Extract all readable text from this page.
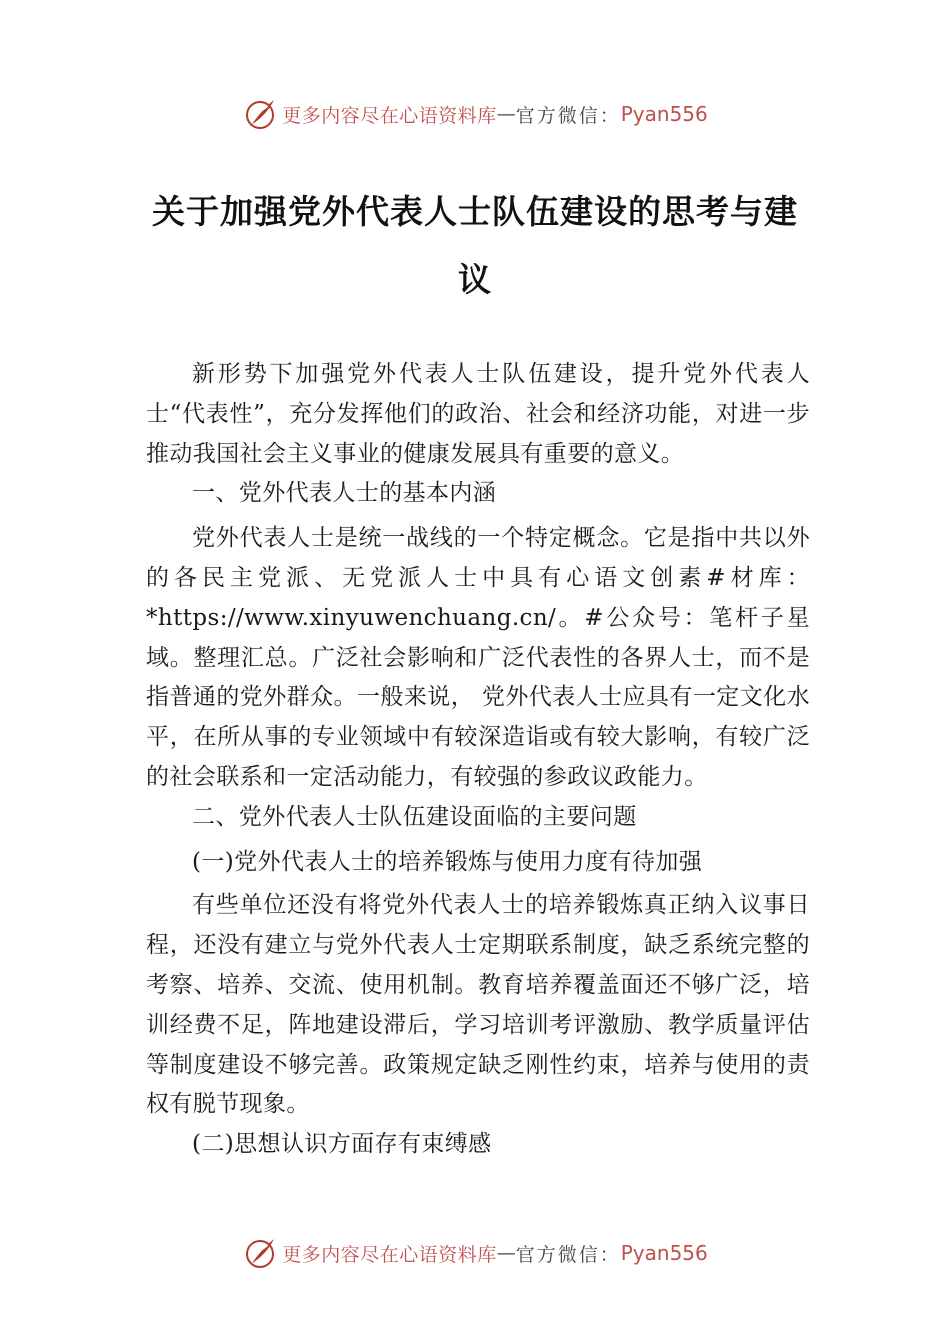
更多内容尽在心语资料库 — 官方微信： Pyan556
关于加强党外代表人士队伍建设的思考与建议

新形势下加强党外代表人士队伍建设，提升党外代表人士“代表性”，充分发挥他们的政治、社会和经济功能，对进一步推动我国社会主义事业的健康发展具有重要的意义。

一、党外代表人士的基本内涵

党外代表人士是统一战线的一个特定概念。它是指中共以外的各民主党派、无党派人士中具有心语文创素#材库：*https://www.xinyuwenchuang.cn/。#公众号：笔杆子星域。整理汇总。广泛社会影响和广泛代表性的各界人士，而不是指普通的党外群众。一般来说， 党外代表人士应具有一定文化水平，在所从事的专业领域中有较深造诣或有较大影响，有较广泛的社会联系和一定活动能力，有较强的参政议政能力。

二、党外代表人士队伍建设面临的主要问题

(一)党外代表人士的培养锻炼与使用力度有待加强

有些单位还没有将党外代表人士的培养锻炼真正纳入议事日程，还没有建立与党外代表人士定期联系制度，缺乏系统完整的考察、培养、交流、使用机制。教育培养覆盖面还不够广泛，培训经费不足，阵地建设滞后，学习培训考评激励、教学质量评估等制度建设不够完善。政策规定缺乏刚性约束，培养与使用的责权有脱节现象。

(二)思想认识方面存有束缚感

更多内容尽在心语资料库 — 官方微信： Pyan556
